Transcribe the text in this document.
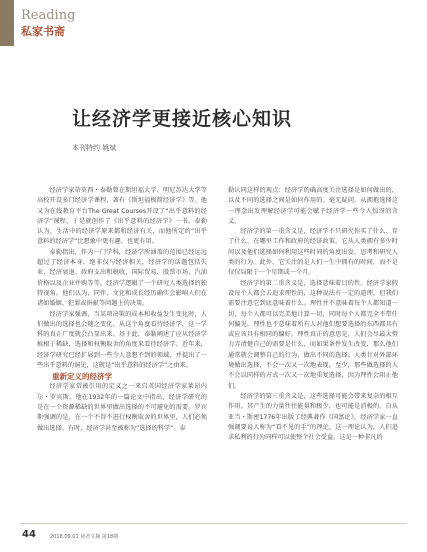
Reading
私家书斋
让经济学更接近核心知识
本刊特约 姚斌

经济学家蒂莫西・泰勒曾在斯坦福大学、明尼苏达大学等高校开设多门经济学课程，著有《斯坦福极简经济学》等。他又为在线教育平台The Great Courses开设了“出乎意料的经济学”课程，于是就创作了《出乎意料的经济学》一书。泰勒认为，生活中的经济学原来都和经济有关，而他所定的“出乎意料的经济学”比想象中更有趣、也更有用。

泰勒指出，作为一门学科，经济学所涵盖的范围已经远远超过了经济本身。绝非仅与经济相关，经济学的话题包括失业、经济衰退、政府支出和税收、国际贸易、股票市场、汽油价格以及企业并购等等。经济学逻辑了一个研究人类选择的独特视角。他们认为，同伴、文化和成长经历确实会影响人们在诸如婚姻、犯罪或捐献等问题上的决策。

经济学家强调，当某项决策的成本和收益发生变化时，人们做出的选择也会随之变化。从这个角度看待经济学，这一学科的真正广度就会凸显出来。基于此，泰勒阐述了应从经济学植根于稀缺、选择和权衡取舍的角度来看待经济学。近年来，经济学研究已经扩展到一些令人意想不到的领域，并提出了一些出乎意料的洞见，这就是“出乎意料的经济学”之由来。

重新定义的经济学

经济学家常被引用的定义之一来自英国经济学家莱昂内尔・罗宾斯。他在1932年的一篇论文中指出，经济学研究的是在一个资源稀缺的世界里做出选择的不可避免的需要。罗宾斯强调的是，在一个不得不进行权衡取舍的世界里，人们必须做出选择。有时，经济学甚至被称为“选择的科学”。泰

勒认同这样的观点：经济学的确高度关注选择是如何做出的，以及不同的选择之间是如何作用的。毫无疑问，从拥抱选择这一理念出发理解经济学可能会赋予经济学一些令人惊讶的含义。

经济学的第一重含义是，经济学不只研究你买了什么、存了什么、在哪里工作和政府的经济政策。它从人类拥有多少时间以及他们选择如何利用这些时间的角度出发。思考和研究人类的行为。此外，它关注的是人们一生中拥有的时间，而不是仅仅局限于一个星期或一个月。

经济学的第二重含义是，选择意味着目的性。经济学家假设每个人都会去追求理性的，这种说法有一定的道理，但我们需要注意它到底意味着什么。理性并不意味着每个人都知道一切，每个人都可以完美地计算一切，同时每个人都完全不带任何偏见。理性也不意味着所有人对他们想要选择的东西都具有或应该具有相同的偏好。理性真正的意思是，人们会尽最大努力弄清楚自己的需要是什么，而如果条件发生改变，那么他们通常就会调整自己的行为，做出不同的选择。人类甘对外部环境做出选择，不会一次又一次地表现。至少，那些做选择的人不会以同样的方式一次又一次地重复选择，因为理性会阻止他们。

经济学的第三重含义是，这些选择可能会带来复杂的相互作用。其产生的力量往往能量和极少，也可能是消极的。自从亚当・斯密1776年出版了经典著作《国富论》，经济学家一直强调要说人称为“看不见的手”的理论，这一理论认为，人们追求私利的行为同样可以使整个社会受益。这是一种非凡的

44	2018.09.01 读者文摘 第18期
